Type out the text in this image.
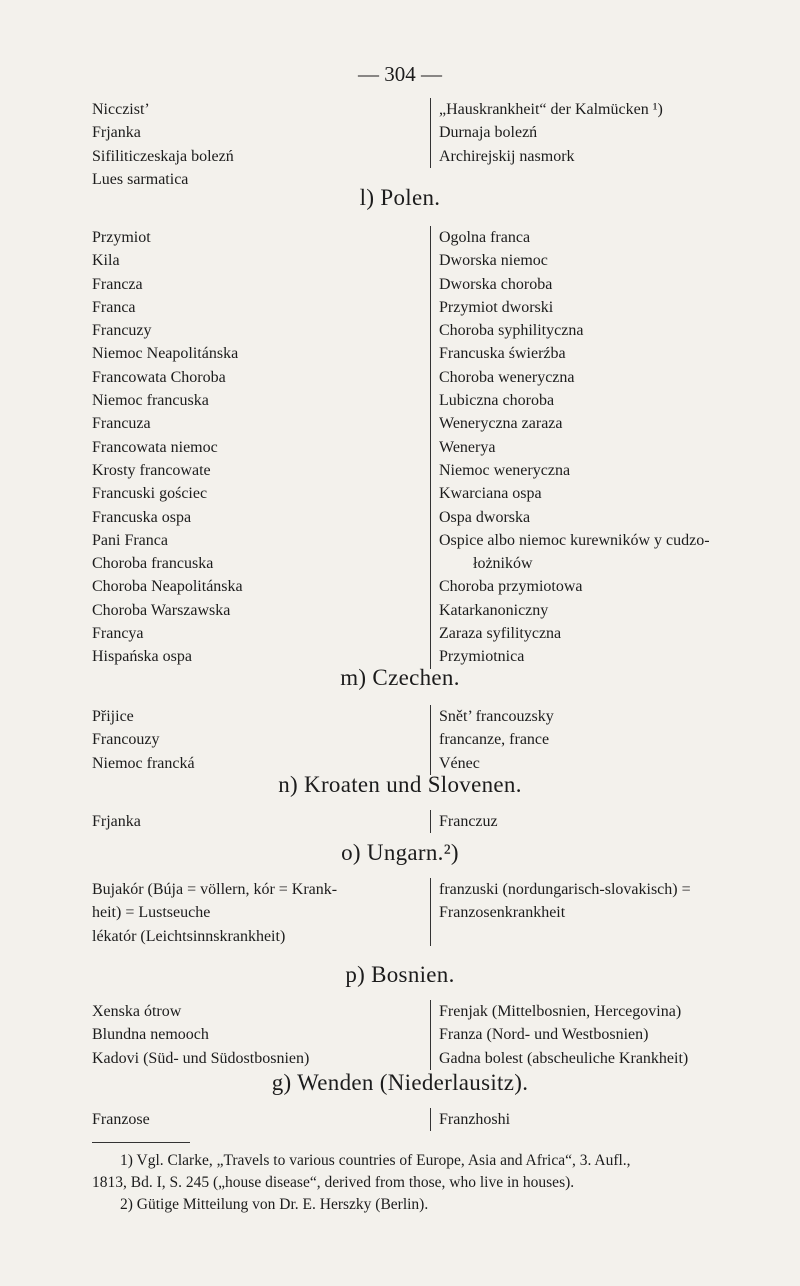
— 304 —
Nicczist’
Frjanka
Sifiliticzeskaja bolezń
Lues sarmatica
„Hauskrankheit“ der Kalmücken ¹)
Durnaja bolezń
Archirejskij nasmork
l) Polen.
Przymiot
Kila
Francza
Franca
Francuzy
Niemoc Neapolitánska
Francowata Choroba
Niemoc francuska
Francuza
Francowata niemoc
Krosty francowate
Francuski gościec
Francuska ospa
Pani Franca
Choroba francuska
Choroba Neapolitánska
Choroba Warszawska
Francya
Hispańska ospa
Ogolna franca
Dworska niemoc
Dworska choroba
Przymiot dworski
Choroba syphilityczna
Francuska świerźba
Choroba weneryczna
Lubiczna choroba
Weneryczna zaraza
Wenerya
Niemoc weneryczna
Kwarciana ospa
Ospa dworska
Ospice albo niemoc kurewników y cudzo-
łożników
Choroba przymiotowa
Katarkanoniczny
Zaraza syfilityczna
Przymiotnica
m) Czechen.
Přijice
Francouzy
Niemoc francká
Snět’ francouzsky
francanze, france
Vénec
n) Kroaten und Slovenen.
Frjanka	Franczuz
o) Ungarn.²)
Bujakór (Búja = völlern, kór = Krank-
heit) = Lustseuche
lékatór (Leichtsinnskrankheit)
franzuski (nordungarisch-slovakisch) =
Franzosenkrankheit
p) Bosnien.
Xenska ótrow
Blundna nemooch
Kadovi (Süd- und Südostbosnien)
Frenjak (Mittelbosnien, Hercegovina)
Franza (Nord- und Westbosnien)
Gadna bolest (abscheuliche Krankheit)
g) Wenden (Niederlausitz).
Franzose	Franzhoshi
1) Vgl. Clarke, „Travels to various countries of Europe, Asia and Africa“, 3. Aufl.,
1813, Bd. I, S. 245 („house disease“, derived from those, who live in houses).
2) Gütige Mitteilung von Dr. E. Herszky (Berlin).
